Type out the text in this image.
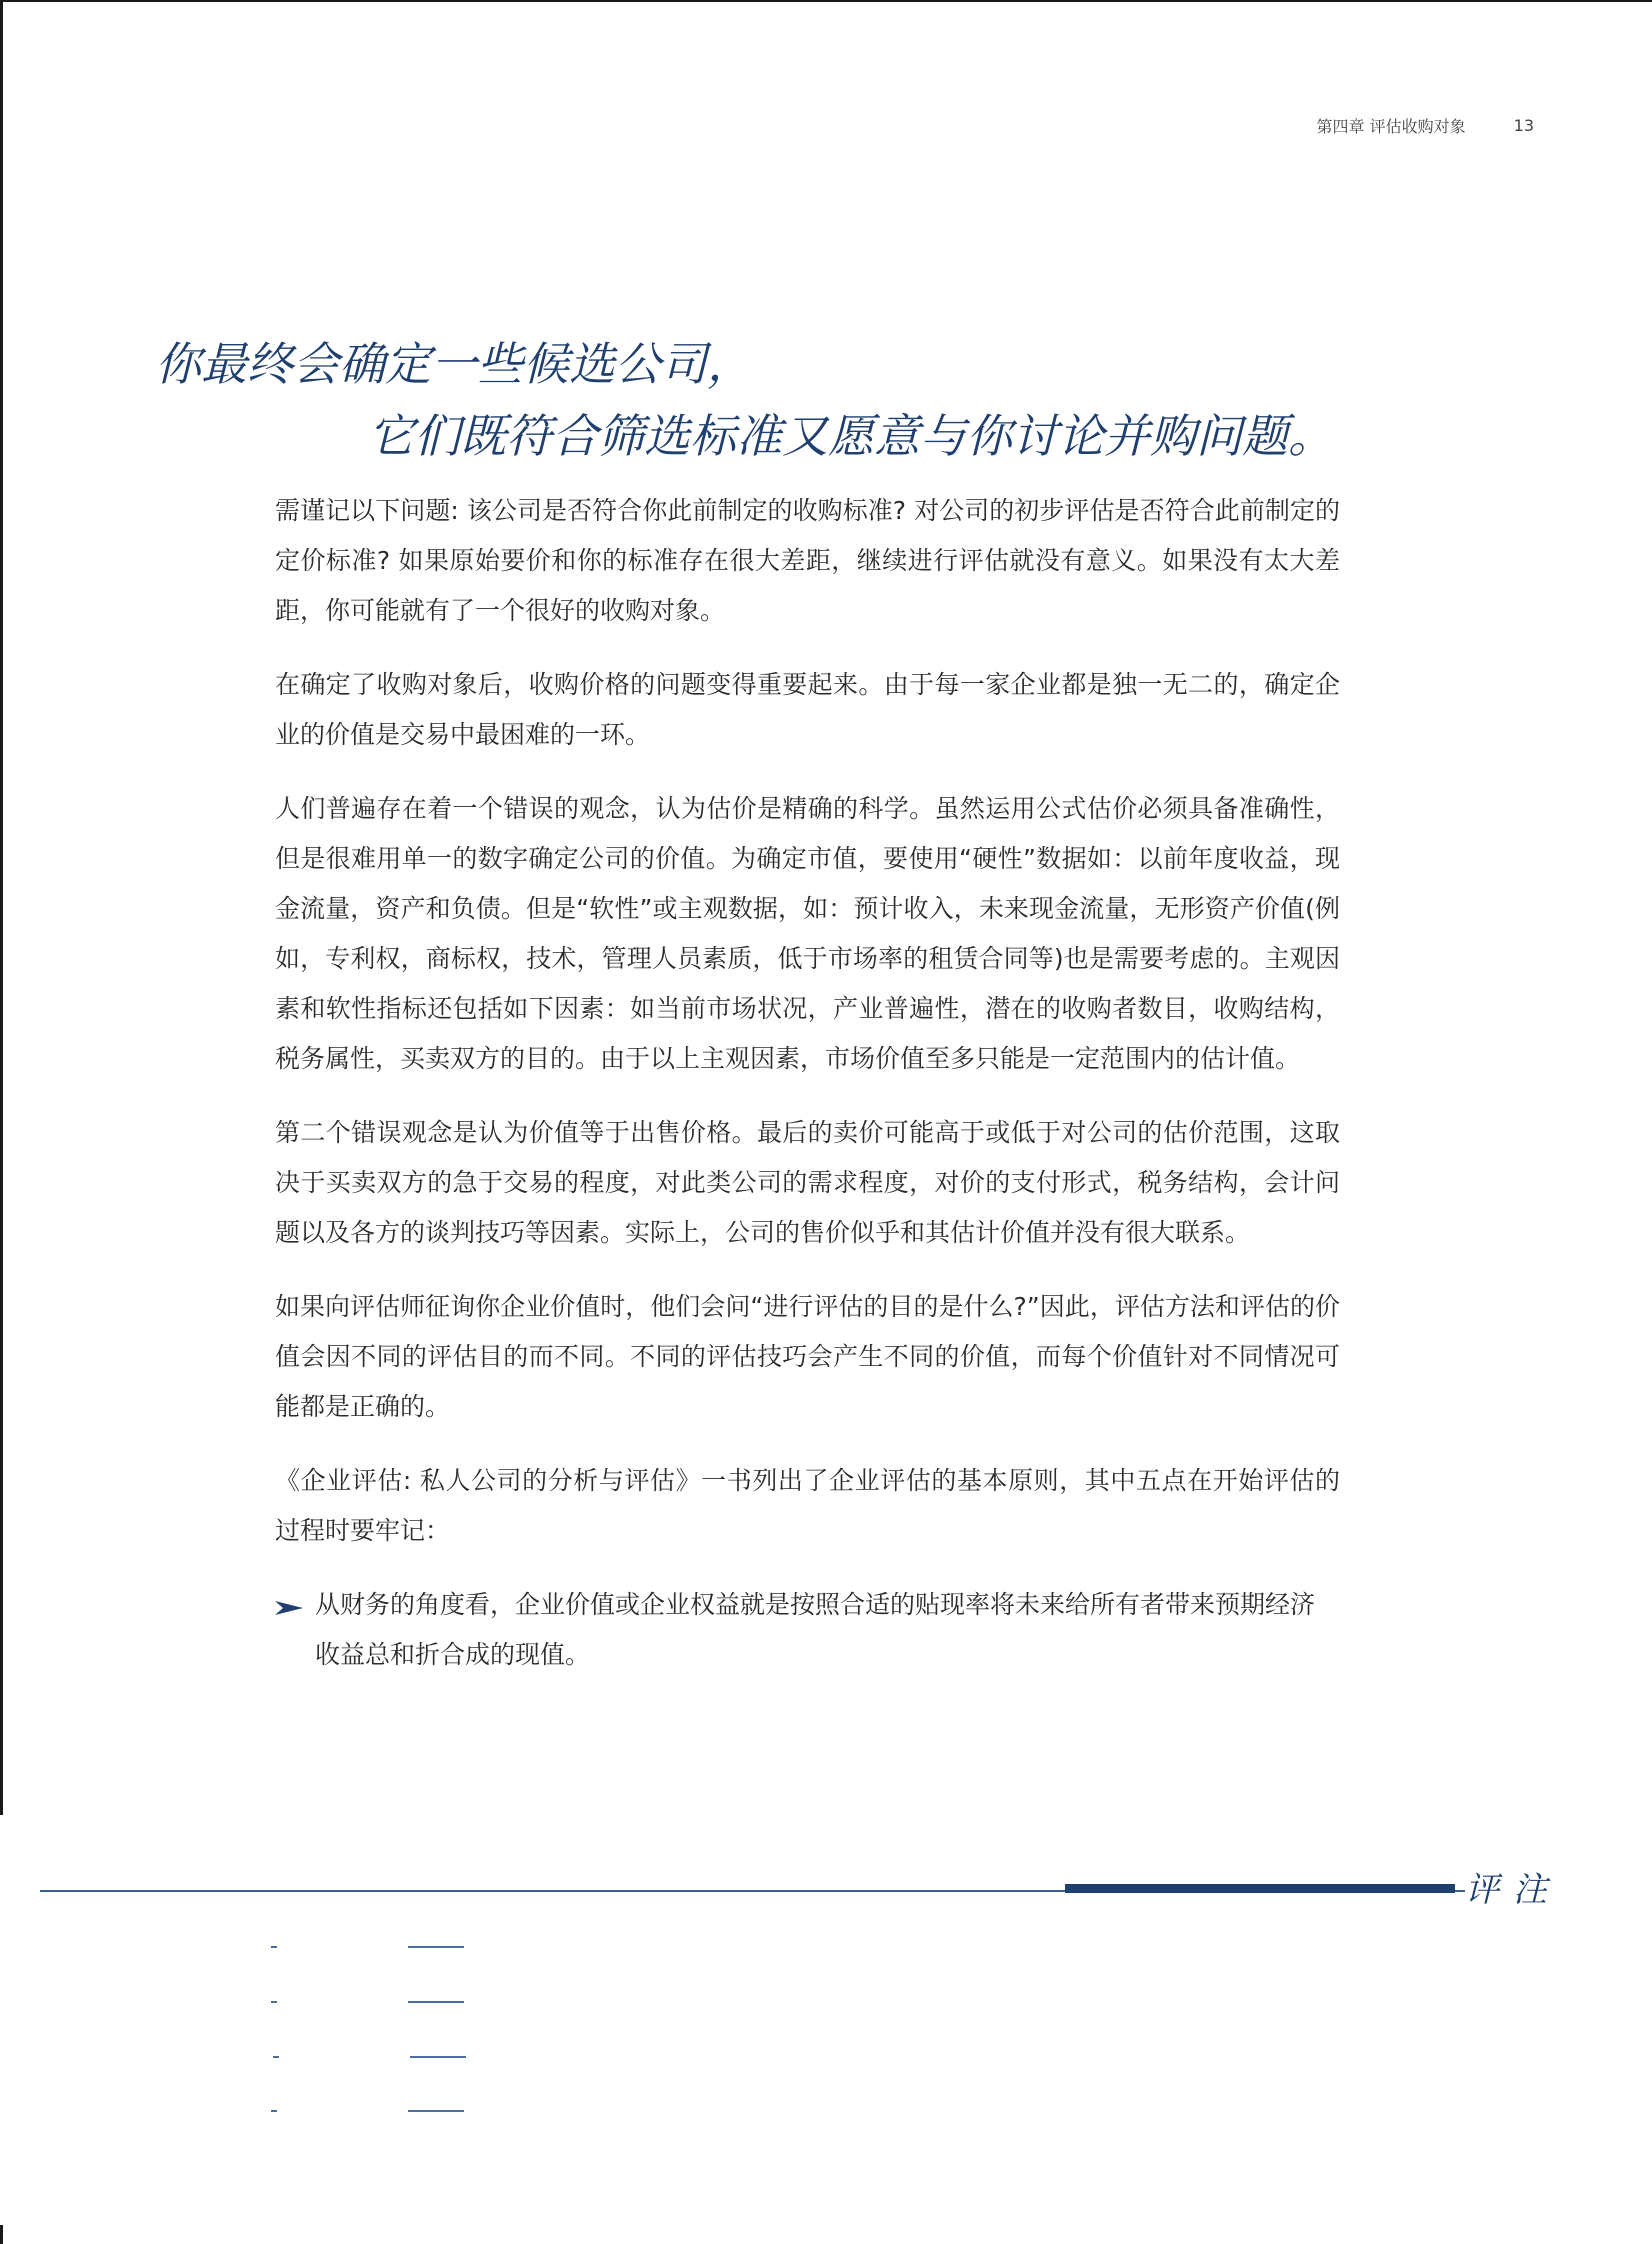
第四章 评估收购对象	13
你最终会确定一些候选公司，
它们既符合筛选标准又愿意与你讨论并购问题。

需谨记以下问题: 该公司是否符合你此前制定的收购标准? 对公司的初步评估是否符合此前制定的定价标准? 如果原始要价和你的标准存在很大差距，继续进行评估就没有意义。如果没有太大差距，你可能就有了一个很好的收购对象。

在确定了收购对象后，收购价格的问题变得重要起来。由于每一家企业都是独一无二的，确定企业的价值是交易中最困难的一环。

人们普遍存在着一个错误的观念，认为估价是精确的科学。虽然运用公式估价必须具备准确性，但是很难用单一的数字确定公司的价值。为确定市值，要使用“硬性”数据如：以前年度收益，现金流量，资产和负债。但是“软性”或主观数据，如：预计收入，未来现金流量，无形资产价值(例如，专利权，商标权，技术，管理人员素质，低于市场率的租赁合同等)也是需要考虑的。主观因素和软性指标还包括如下因素：如当前市场状况，产业普遍性，潜在的收购者数目，收购结构，税务属性，买卖双方的目的。由于以上主观因素，市场价值至多只能是一定范围内的估计值。

第二个错误观念是认为价值等于出售价格。最后的卖价可能高于或低于对公司的估价范围，这取决于买卖双方的急于交易的程度，对此类公司的需求程度，对价的支付形式，税务结构，会计问题以及各方的谈判技巧等因素。实际上，公司的售价似乎和其估计价值并没有很大联系。

如果向评估师征询你企业价值时，他们会问“进行评估的目的是什么?”因此，评估方法和评估的价值会因不同的评估目的而不同。不同的评估技巧会产生不同的价值，而每个价值针对不同情况可能都是正确的。

《企业评估: 私人公司的分析与评估》一书列出了企业评估的基本原则，其中五点在开始评估的过程时要牢记：

从财务的角度看，企业价值或企业权益就是按照合适的贴现率将未来给所有者带来预期经济收益总和折合成的现值。
评注
